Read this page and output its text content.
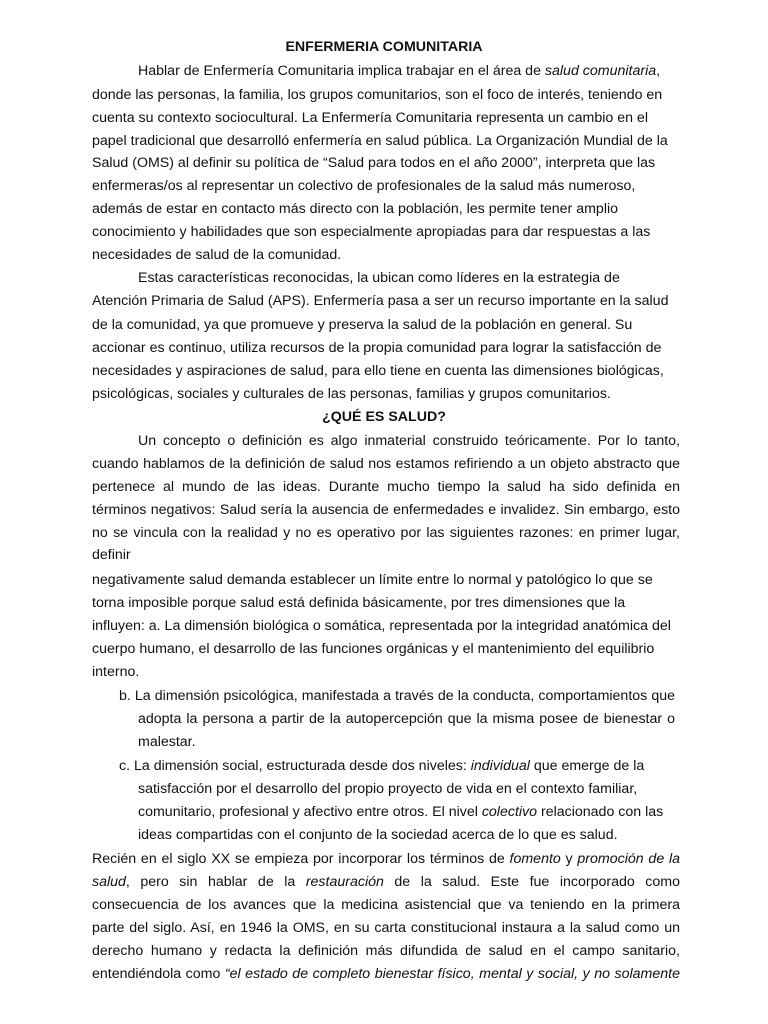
ENFERMERIA COMUNITARIA
Hablar de Enfermería Comunitaria implica trabajar en el área de salud comunitaria,
donde las personas, la familia, los grupos comunitarios, son el foco de interés, teniendo en
cuenta su contexto sociocultural. La Enfermería Comunitaria representa un cambio en el
papel tradicional que desarrolló enfermería en salud pública. La Organización Mundial de la
Salud (OMS) al definir su política de “Salud para todos en el año 2000”, interpreta que las
enfermeras/os al representar un colectivo de profesionales de la salud más numeroso,
además de estar en contacto más directo con la población, les permite tener amplio
conocimiento y habilidades que son especialmente apropiadas para dar respuestas a las
necesidades de salud de la comunidad.
Estas características reconocidas, la ubican como líderes en la estrategia de
Atención Primaria de Salud (APS). Enfermería pasa a ser un recurso importante en la salud
de la comunidad, ya que promueve y preserva la salud de la población en general. Su
accionar es continuo, utiliza recursos de la propia comunidad para lograr la satisfacción de
necesidades y aspiraciones de salud, para ello tiene en cuenta las dimensiones biológicas,
psicológicas, sociales y culturales de las personas, familias y grupos comunitarios.
¿QUÉ ES SALUD?
Un concepto o definición es algo inmaterial construido teóricamente. Por lo tanto,
cuando hablamos de la definición de salud nos estamos refiriendo a un objeto abstracto que
pertenece al mundo de las ideas. Durante mucho tiempo la salud ha sido definida en
términos negativos: Salud sería la ausencia de enfermedades e invalidez. Sin embargo, esto
no se vincula con la realidad y no es operativo por las siguientes razones: en primer lugar,
definir
negativamente salud demanda establecer un límite entre lo normal y patológico lo que se
torna imposible porque salud está definida básicamente, por tres dimensiones que la
influyen: a. La dimensión biológica o somática, representada por la integridad anatómica del
cuerpo humano, el desarrollo de las funciones orgánicas y el mantenimiento del equilibrio
interno.
b. La dimensión psicológica, manifestada a través de la conducta, comportamientos que
adopta la persona a partir de la autopercepción que la misma posee de bienestar o
malestar.
c. La dimensión social, estructurada desde dos niveles: individual que emerge de la
satisfacción por el desarrollo del propio proyecto de vida en el contexto familiar,
comunitario, profesional y afectivo entre otros. El nivel colectivo relacionado con las
ideas compartidas con el conjunto de la sociedad acerca de lo que es salud.
Recién en el siglo XX se empieza por incorporar los términos de fomento y promoción de la
salud, pero sin hablar de la restauración de la salud. Este fue incorporado como
consecuencia de los avances que la medicina asistencial que va teniendo en la primera
parte del siglo. Así, en 1946 la OMS, en su carta constitucional instaura a la salud como un
derecho humano y redacta la definición más difundida de salud en el campo sanitario,
entendiéndola como “el estado de completo bienestar físico, mental y social, y no solamente
